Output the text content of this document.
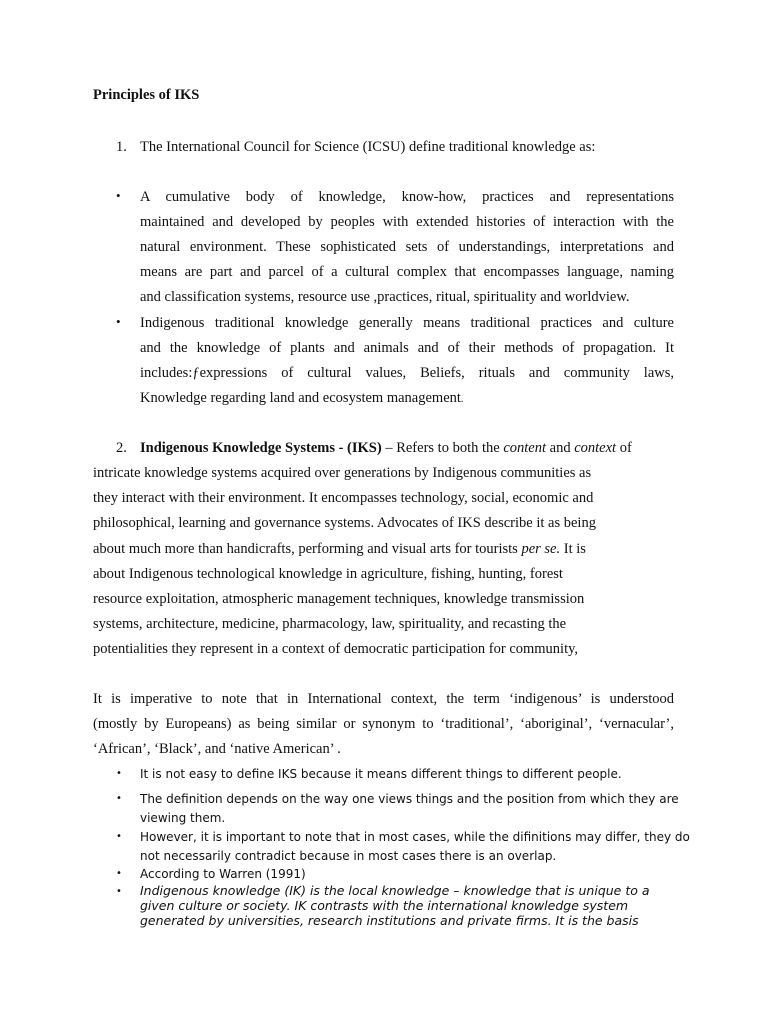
Principles of IKS
1. The International Council for Science (ICSU) define traditional knowledge as:
• A cumulative body of knowledge, know-how, practices and representations
maintained and developed by peoples with extended histories of interaction with the
natural environment. These sophisticated sets of understandings, interpretations and
means are part and parcel of a cultural complex that encompasses language, naming
and classification systems, resource use ,practices, ritual, spirituality and worldview.
• Indigenous traditional knowledge generally means traditional practices and culture
and the knowledge of plants and animals and of their methods of propagation. It
includes:ƒexpressions of cultural values, Beliefs, rituals and community laws,
Knowledge regarding land and ecosystem management.
2. Indigenous Knowledge Systems - (IKS) – Refers to both the content and context of
intricate knowledge systems acquired over generations by Indigenous communities as
they interact with their environment. It encompasses technology, social, economic and
philosophical, learning and governance systems. Advocates of IKS describe it as being
about much more than handicrafts, performing and visual arts for tourists per se. It is
about Indigenous technological knowledge in agriculture, fishing, hunting, forest
resource exploitation, atmospheric management techniques, knowledge transmission
systems, architecture, medicine, pharmacology, law, spirituality, and recasting the
potentialities they represent in a context of democratic participation for community,
It is imperative to note that in International context, the term ‘indigenous’ is understood
(mostly by Europeans) as being similar or synonym to ‘traditional’, ‘aboriginal’, ‘vernacular’,
‘African’, ‘Black’, and ‘native American’ .
• It is not easy to define IKS because it means different things to different people.
• The definition depends on the way one views things and the position from which they are
viewing them.
• However, it is important to note that in most cases, while the difinitions may differ, they do
not necessarily contradict because in most cases there is an overlap.
• According to Warren (1991)
• Indigenous knowledge (IK) is the local knowledge – knowledge that is unique to a
given culture or society. IK contrasts with the international knowledge system
generated by universities, research institutions and private firms. It is the basis
